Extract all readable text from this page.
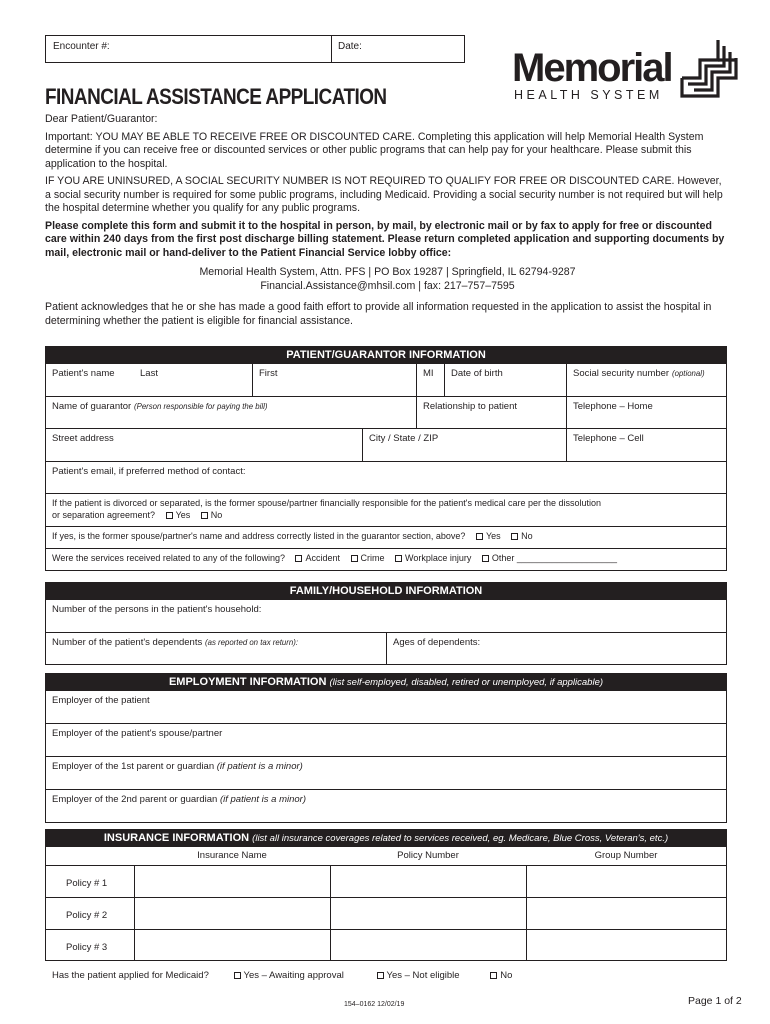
Encounter #:	Date:	Memorial
HEALTH SYSTEM
FINANCIAL ASSISTANCE APPLICATION

Dear Patient/Guarantor:

Important: YOU MAY BE ABLE TO RECEIVE FREE OR DISCOUNTED CARE. Completing this application will help Memorial Health System determine if you can receive free or discounted services or other public programs that can help pay for your healthcare. Please submit this application to the hospital.

IF YOU ARE UNINSURED, A SOCIAL SECURITY NUMBER IS NOT REQUIRED TO QUALIFY FOR FREE OR DISCOUNTED CARE. However, a social security number is required for some public programs, including Medicaid. Providing a social security number is not required but will help the hospital determine whether you qualify for any public programs.

Please complete this form and submit it to the hospital in person, by mail, by electronic mail or by fax to apply for free or discounted care within 240 days from the first post discharge billing statement. Please return completed application and supporting documents by mail, electronic mail or hand-deliver to the Patient Financial Service lobby office:

Memorial Health System, Attn. PFS | PO Box 19287 | Springfield, IL 62794-9287
Financial.Assistance@mhsil.com | fax: 217–757–7595

Patient acknowledges that he or she has made a good faith effort to provide all information requested in the application to assist the hospital in determining whether the patient is eligible for financial assistance.

PATIENT/GUARANTOR INFORMATION
Patient's name	Last	First	MI	Date of birth	Social security number (optional)
Name of guarantor (Person responsible for paying the bill)	Relationship to patient	Telephone – Home
Street address	City / State / ZIP	Telephone – Cell
Patient's email, if preferred method of contact:
If the patient is divorced or separated, is the former spouse/partner financially responsible for the patient's medical care per the dissolution
or separation agreement? Yes No
If yes, is the former spouse/partner's name and address correctly listed in the guarantor section, above? Yes No
Were the services received related to any of the following? Accident Crime Workplace injury Other ____________________
FAMILY/HOUSEHOLD INFORMATION
Number of the persons in the patient's household:
Number of the patient's dependents (as reported on tax return):	Ages of dependents:
EMPLOYMENT INFORMATION (list self-employed, disabled, retired or unemployed, if applicable)
Employer of the patient
Employer of the patient's spouse/partner
Employer of the 1st parent or guardian (if patient is a minor)
Employer of the 2nd parent or guardian (if patient is a minor)
INSURANCE INFORMATION (list all insurance coverages related to services received, eg. Medicare, Blue Cross, Veteran's, etc.)
Insurance Name	Policy Number	Group Number
Policy # 1
Policy # 2
Policy # 3
Has the patient applied for Medicaid?	Yes – Awaiting approval	Yes – Not eligible	No
154–0162 12/02/19	Page 1 of 2
